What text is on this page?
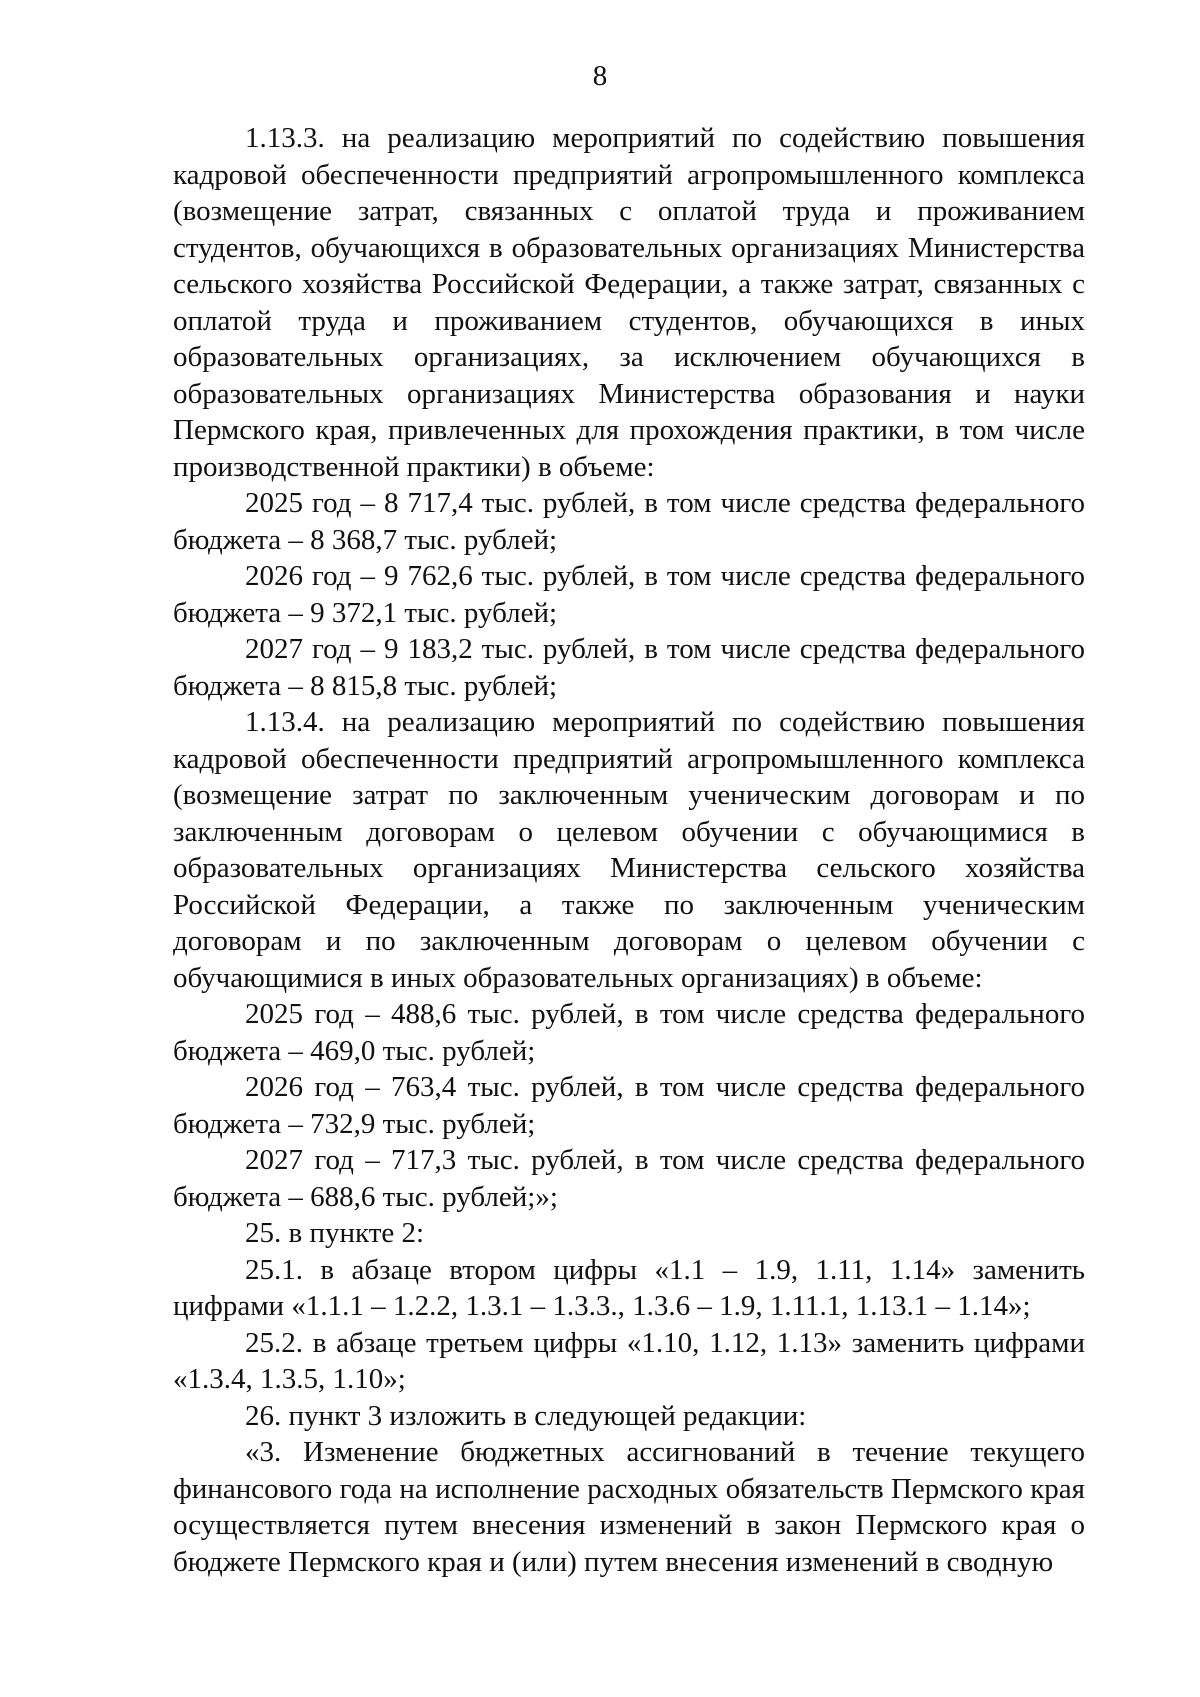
8

1.13.3. на реализацию мероприятий по содействию повышения кадровой обеспеченности предприятий агропромышленного комплекса (возмещение затрат, связанных с оплатой труда и проживанием студентов, обучающихся в образовательных организациях Министерства сельского хозяйства Российской Федерации, а также затрат, связанных с оплатой труда и проживанием студентов, обучающихся в иных образовательных организациях, за исключением обучающихся в образовательных организациях Министерства образования и науки Пермского края, привлеченных для прохождения практики, в том числе производственной практики) в объеме:

2025 год – 8 717,4 тыс. рублей, в том числе средства федерального бюджета – 8 368,7 тыс. рублей;

2026 год – 9 762,6 тыс. рублей, в том числе средства федерального бюджета – 9 372,1 тыс. рублей;

2027 год – 9 183,2 тыс. рублей, в том числе средства федерального бюджета – 8 815,8 тыс. рублей;

1.13.4. на реализацию мероприятий по содействию повышения кадровой обеспеченности предприятий агропромышленного комплекса (возмещение затрат по заключенным ученическим договорам и по заключенным договорам о целевом обучении с обучающимися в образовательных организациях Министерства сельского хозяйства Российской Федерации, а также по заключенным ученическим договорам и по заключенным договорам о целевом обучении с обучающимися в иных образовательных организациях) в объеме:

2025 год – 488,6 тыс. рублей, в том числе средства федерального бюджета – 469,0 тыс. рублей;

2026 год – 763,4 тыс. рублей, в том числе средства федерального бюджета – 732,9 тыс. рублей;

2027 год – 717,3 тыс. рублей, в том числе средства федерального бюджета – 688,6 тыс. рублей;»;

25. в пункте 2:

25.1. в абзаце втором цифры «1.1 – 1.9, 1.11, 1.14» заменить цифрами «1.1.1 – 1.2.2, 1.3.1 – 1.3.3., 1.3.6 – 1.9, 1.11.1, 1.13.1 – 1.14»;

25.2. в абзаце третьем цифры «1.10, 1.12, 1.13» заменить цифрами «1.3.4, 1.3.5, 1.10»;

26. пункт 3 изложить в следующей редакции:

«3. Изменение бюджетных ассигнований в течение текущего финансового года на исполнение расходных обязательств Пермского края осуществляется путем внесения изменений в закон Пермского края о бюджете Пермского края и (или) путем внесения изменений в сводную
